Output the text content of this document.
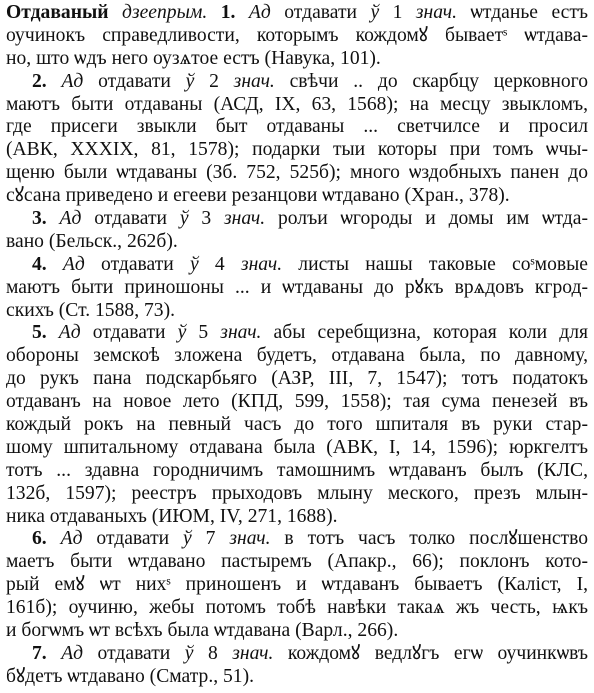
Отдаваный дзеепрым. 1. Ад отдавати ў 1 знач. ѡтданье естъ
оучинокъ справедливости, которымъ кождомꙋ бываетˢ ѡтдава-
но, што ѡдъ него оузѧтое естъ (Навука, 101).
2. Ад отдавати ў 2 знач. свѣчи .. до скарбцу церковного
маютъ быти отдаваны (АСД, IX, 63, 1568); на месцу звыкломъ,
где присеги звыкли быт отдаваны ... светчилсе и просил
(АВК, XXXIX, 81, 1578); подарки тыи которы при томъ ѡчы-
щеню были ѡтдаваны (Зб. 752, 525б); много ѡздобныхъ панен до
сꙋсана приведено и егееви резанцови ѡтдавано (Хран., 378).
3. Ад отдавати ў 3 знач. ролъи ѡгороды и домы им ѡтда-
вано (Бельск., 262б).
4. Ад отдавати ў 4 знач. листы нашы таковые соˢмовые
маютъ быти приношоны ... и ѡтдаваны до рꙋкъ врѧдовъ кгрод-
скихъ (Ст. 1588, 73).
5. Ад отдавати ў 5 знач. абы серебщизна, которая коли для
обороны земскоѣ зложена будетъ, отдавана была, по давному,
до рукъ пана подскарбьяго (АЗР, III, 7, 1547); тотъ податокъ
отдаванъ на новое лето (КПД, 599, 1558); тая сума пенезей въ
кождый рокъ на певный часъ до того шпиталя въ руки стар-
шому шпитальному отдавана была (АВК, I, 14, 1596); юркгелтъ
тотъ ... здавна городничимъ тамошнимъ ѡтдаванъ былъ (КЛС,
132б, 1597); реестръ прыходовъ млыну меского, презъ млын-
ника отдаваныхъ (ИЮМ, IV, 271, 1688).
6. Ад отдавати ў 7 знач. в тотъ часъ толко послꙋшенство
маетъ быти ѡтдавано пастыремъ (Апакр., 66); поклонъ кото-
рый емꙋ ѡт нихˢ приношенъ и ѡтдаванъ бываетъ (Каліст, I,
161б); оучиню, жебы потомъ тобѣ навѣки такаѧ жъ честь, ѩкъ
и богѡмъ ѡт всѣхъ была ѡтдавана (Варл., 266).
7. Ад отдавати ў 8 знач. кождомꙋ ведлꙋгъ егѡ оучинкѡвъ
бꙋдетъ ѡтдавано (Сматр., 51).
